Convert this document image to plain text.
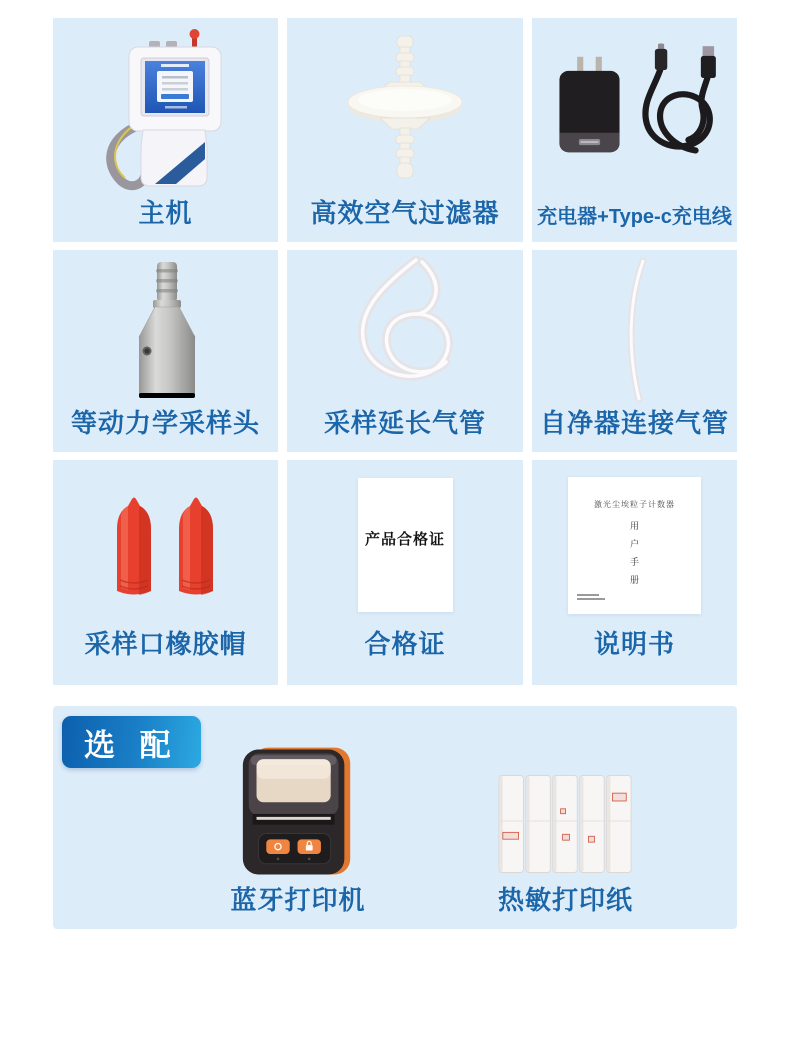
主机	高效空气过滤器 充电器+Type-c充电线
等动力学采样头 采样延长气管 自净器连接气管
采样口橡胶帽
产品合格证
合格证
激光尘埃粒子计数器
用户手册
说明书
选 配
蓝牙打印机	热敏打印纸
